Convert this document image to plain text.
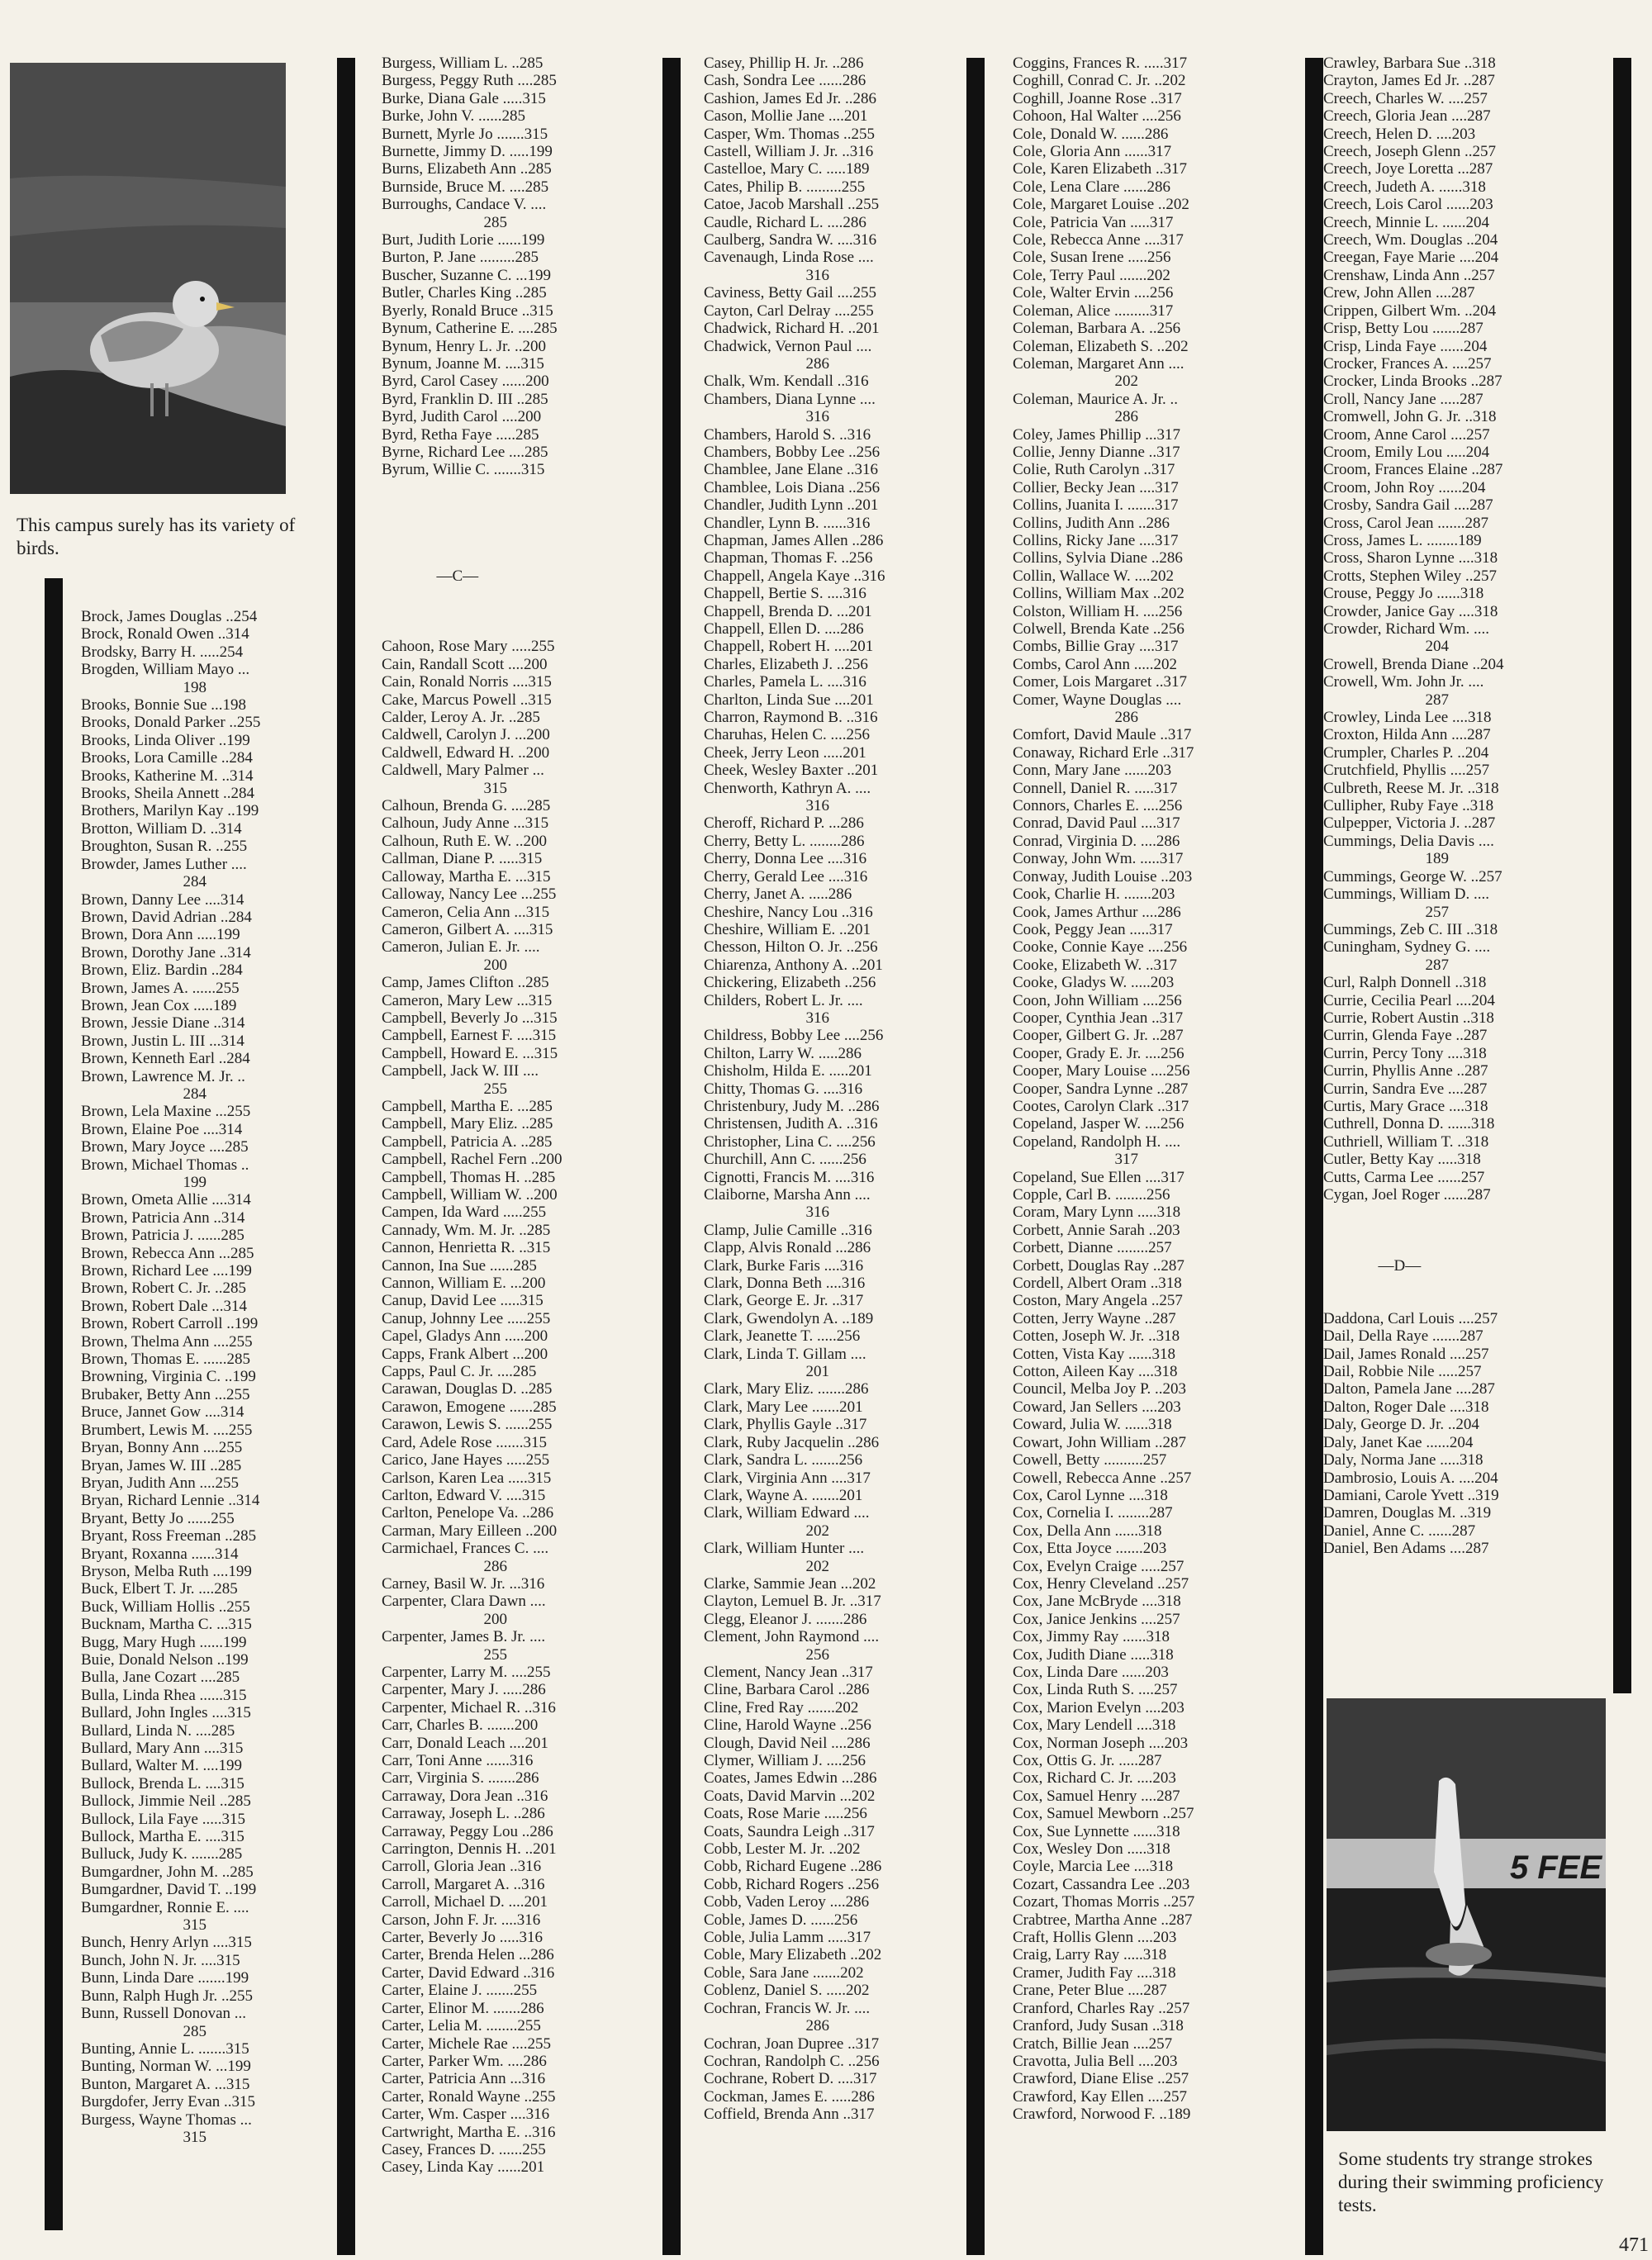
This campus surely has its variety of birds.
Brock, James Douglas ..254
Brock, Ronald Owen ..314
Brodsky, Barry H. .....254
Brogden, William Mayo ...
198
Brooks, Bonnie Sue ...198
Brooks, Donald Parker ..255
Brooks, Linda Oliver ..199
Brooks, Lora Camille ..284
Brooks, Katherine M. ..314
Brooks, Sheila Annett ..284
Brothers, Marilyn Kay ..199
Brotton, William D. ..314
Broughton, Susan R. ..255
Browder, James Luther ....
284
Brown, Danny Lee ....314
Brown, David Adrian ..284
Brown, Dora Ann .....199
Brown, Dorothy Jane ..314
Brown, Eliz. Bardin ..284
Brown, James A. ......255
Brown, Jean Cox .....189
Brown, Jessie Diane ..314
Brown, Justin L. III ...314
Brown, Kenneth Earl ..284
Brown, Lawrence M. Jr. ..
284
Brown, Lela Maxine ...255
Brown, Elaine Poe ....314
Brown, Mary Joyce ....285
Brown, Michael Thomas ..
199
Brown, Ometa Allie ....314
Brown, Patricia Ann ..314
Brown, Patricia J. ......285
Brown, Rebecca Ann ...285
Brown, Richard Lee ....199
Brown, Robert C. Jr. ..285
Brown, Robert Dale ...314
Brown, Robert Carroll ..199
Brown, Thelma Ann ....255
Brown, Thomas E. ......285
Browning, Virginia C. ..199
Brubaker, Betty Ann ...255
Bruce, Jannet Gow ....314
Brumbert, Lewis M. ....255
Bryan, Bonny Ann ....255
Bryan, James W. III ..285
Bryan, Judith Ann ....255
Bryan, Richard Lennie ..314
Bryant, Betty Jo ......255
Bryant, Ross Freeman ..285
Bryant, Roxanna ......314
Bryson, Melba Ruth ....199
Buck, Elbert T. Jr. ....285
Buck, William Hollis ..255
Bucknam, Martha C. ...315
Bugg, Mary Hugh ......199
Buie, Donald Nelson ..199
Bulla, Jane Cozart ....285
Bulla, Linda Rhea ......315
Bullard, John Ingles ....315
Bullard, Linda N. ....285
Bullard, Mary Ann ....315
Bullard, Walter M. ....199
Bullock, Brenda L. ....315
Bullock, Jimmie Neil ..285
Bullock, Lila Faye .....315
Bullock, Martha E. ....315
Bulluck, Judy K. .......285
Bumgardner, John M. ..285
Bumgardner, David T. ..199
Bumgardner, Ronnie E. ....
315
Bunch, Henry Arlyn ....315
Bunch, John N. Jr. ....315
Bunn, Linda Dare .......199
Bunn, Ralph Hugh Jr. ..255
Bunn, Russell Donovan ...
285
Bunting, Annie L. .......315
Bunting, Norman W. ...199
Bunton, Margaret A. ...315
Burgdofer, Jerry Evan ..315
Burgess, Wayne Thomas ...
315
Burgess, William L. ..285
Burgess, Peggy Ruth ....285
Burke, Diana Gale .....315
Burke, John V. ......285
Burnett, Myrle Jo .......315
Burnette, Jimmy D. .....199
Burns, Elizabeth Ann ..285
Burnside, Bruce M. ....285
Burroughs, Candace V. ....
285
Burt, Judith Lorie ......199
Burton, P. Jane .........285
Buscher, Suzanne C. ...199
Butler, Charles King ..285
Byerly, Ronald Bruce ..315
Bynum, Catherine E. ....285
Bynum, Henry L. Jr. ..200
Bynum, Joanne M. ....315
Byrd, Carol Casey ......200
Byrd, Franklin D. III ..285
Byrd, Judith Carol ....200
Byrd, Retha Faye .....285
Byrne, Richard Lee ....285
Byrum, Willie C. .......315

—C—

Cahoon, Rose Mary .....255
Cain, Randall Scott ....200
Cain, Ronald Norris ....315
Cake, Marcus Powell ..315
Calder, Leroy A. Jr. ..285
Caldwell, Carolyn J. ...200
Caldwell, Edward H. ..200
Caldwell, Mary Palmer ...
315
Calhoun, Brenda G. ....285
Calhoun, Judy Anne ...315
Calhoun, Ruth E. W. ..200
Callman, Diane P. .....315
Calloway, Martha E. ...315
Calloway, Nancy Lee ...255
Cameron, Celia Ann ...315
Cameron, Gilbert A. ....315
Cameron, Julian E. Jr. ....
200
Camp, James Clifton ..285
Cameron, Mary Lew ...315
Campbell, Beverly Jo ...315
Campbell, Earnest F. ....315
Campbell, Howard E. ...315
Campbell, Jack W. III ....
255
Campbell, Martha E. ...285
Campbell, Mary Eliz. ..285
Campbell, Patricia A. ..285
Campbell, Rachel Fern ..200
Campbell, Thomas H. ..285
Campbell, William W. ..200
Campen, Ida Ward .....255
Cannady, Wm. M. Jr. ..285
Cannon, Henrietta R. ..315
Cannon, Ina Sue ......285
Cannon, William E. ...200
Canup, David Lee .....315
Canup, Johnny Lee .....255
Capel, Gladys Ann .....200
Capps, Frank Albert ...200
Capps, Paul C. Jr. ....285
Carawan, Douglas D. ..285
Carawon, Emogene ......285
Carawon, Lewis S. ......255
Card, Adele Rose .......315
Carico, Jane Hayes .....255
Carlson, Karen Lea .....315
Carlton, Edward V. ....315
Carlton, Penelope Va. ..286
Carman, Mary Eilleen ..200
Carmichael, Frances C. ....
286
Carney, Basil W. Jr. ...316
Carpenter, Clara Dawn ....
200
Carpenter, James B. Jr. ....
255
Carpenter, Larry M. ....255
Carpenter, Mary J. .....286
Carpenter, Michael R. ..316
Carr, Charles B. .......200
Carr, Donald Leach ....201
Carr, Toni Anne ......316
Carr, Virginia S. .......286
Carraway, Dora Jean ..316
Carraway, Joseph L. ..286
Carraway, Peggy Lou ..286
Carrington, Dennis H. ..201
Carroll, Gloria Jean ..316
Carroll, Margaret A. ..316
Carroll, Michael D. ....201
Carson, John F. Jr. ....316
Carter, Beverly Jo .....316
Carter, Brenda Helen ...286
Carter, David Edward ..316
Carter, Elaine J. .......255
Carter, Elinor M. .......286
Carter, Lelia M. ........255
Carter, Michele Rae ....255
Carter, Parker Wm. ....286
Carter, Patricia Ann ...316
Carter, Ronald Wayne ..255
Carter, Wm. Casper ....316
Cartwright, Martha E. ..316
Casey, Frances D. ......255
Casey, Linda Kay ......201
Casey, Phillip H. Jr. ..286
Cash, Sondra Lee ......286
Cashion, James Ed Jr. ..286
Cason, Mollie Jane ....201
Casper, Wm. Thomas ..255
Castell, William J. Jr. ..316
Castelloe, Mary C. .....189
Cates, Philip B. .........255
Catoe, Jacob Marshall ..255
Caudle, Richard L. ....286
Caulberg, Sandra W. ....316
Cavenaugh, Linda Rose ....
316
Caviness, Betty Gail ....255
Cayton, Carl Delray ....255
Chadwick, Richard H. ..201
Chadwick, Vernon Paul ....
286
Chalk, Wm. Kendall ..316
Chambers, Diana Lynne ....
316
Chambers, Harold S. ..316
Chambers, Bobby Lee ..256
Chamblee, Jane Elane ..316
Chamblee, Lois Diana ..256
Chandler, Judith Lynn ..201
Chandler, Lynn B. ......316
Chapman, James Allen ..286
Chapman, Thomas F. ..256
Chappell, Angela Kaye ..316
Chappell, Bertie S. ....316
Chappell, Brenda D. ...201
Chappell, Ellen D. ....286
Chappell, Robert H. ....201
Charles, Elizabeth J. ..256
Charles, Pamela L. ....316
Charlton, Linda Sue ....201
Charron, Raymond B. ..316
Charuhas, Helen C. ....256
Cheek, Jerry Leon .....201
Cheek, Wesley Baxter ..201
Chenworth, Kathryn A. ....
316
Cheroff, Richard P. ...286
Cherry, Betty L. ........286
Cherry, Donna Lee ....316
Cherry, Gerald Lee ....316
Cherry, Janet A. .....286
Cheshire, Nancy Lou ..316
Cheshire, William E. ..201
Chesson, Hilton O. Jr. ..256
Chiarenza, Anthony A. ..201
Chickering, Elizabeth ..256
Childers, Robert L. Jr. ....
316
Childress, Bobby Lee ....256
Chilton, Larry W. .....286
Chisholm, Hilda E. .....201
Chitty, Thomas G. ....316
Christenbury, Judy M. ..286
Christensen, Judith A. ..316
Christopher, Lina C. ....256
Churchill, Ann C. ......256
Cignotti, Francis M. ....316
Claiborne, Marsha Ann ....
316
Clamp, Julie Camille ..316
Clapp, Alvis Ronald ...286
Clark, Burke Faris ....316
Clark, Donna Beth ....316
Clark, George E. Jr. ..317
Clark, Gwendolyn A. ..189
Clark, Jeanette T. .....256
Clark, Linda T. Gillam ....
201
Clark, Mary Eliz. .......286
Clark, Mary Lee .......201
Clark, Phyllis Gayle ..317
Clark, Ruby Jacquelin ..286
Clark, Sandra L. .......256
Clark, Virginia Ann ....317
Clark, Wayne A. .......201
Clark, William Edward ....
202
Clark, William Hunter ....
202
Clarke, Sammie Jean ...202
Clayton, Lemuel B. Jr. ..317
Clegg, Eleanor J. .......286
Clement, John Raymond ....
256
Clement, Nancy Jean ..317
Cline, Barbara Carol ..286
Cline, Fred Ray .......202
Cline, Harold Wayne ..256
Clough, David Neil ....286
Clymer, William J. ....256
Coates, James Edwin ...286
Coats, David Marvin ...202
Coats, Rose Marie .....256
Coats, Saundra Leigh ..317
Cobb, Lester M. Jr. ..202
Cobb, Richard Eugene ..286
Cobb, Richard Rogers ..256
Cobb, Vaden Leroy ....286
Coble, James D. ......256
Coble, Julia Lamm .....317
Coble, Mary Elizabeth ..202
Coble, Sara Jane .......202
Coblenz, Daniel S. .....202
Cochran, Francis W. Jr. ....
286
Cochran, Joan Dupree ..317
Cochran, Randolph C. ..256
Cochrane, Robert D. ....317
Cockman, James E. .....286
Coffield, Brenda Ann ..317
Coggins, Frances R. .....317
Coghill, Conrad C. Jr. ..202
Coghill, Joanne Rose ..317
Cohoon, Hal Walter ....256
Cole, Donald W. ......286
Cole, Gloria Ann ......317
Cole, Karen Elizabeth ..317
Cole, Lena Clare ......286
Cole, Margaret Louise ..202
Cole, Patricia Van .....317
Cole, Rebecca Anne ....317
Cole, Susan Irene .....256
Cole, Terry Paul .......202
Cole, Walter Ervin ....256
Coleman, Alice .........317
Coleman, Barbara A. ..256
Coleman, Elizabeth S. ..202
Coleman, Margaret Ann ....
202
Coleman, Maurice A. Jr. ..
286
Coley, James Phillip ...317
Collie, Jenny Dianne ..317
Colie, Ruth Carolyn ..317
Collier, Becky Jean ....317
Collins, Juanita I. .......317
Collins, Judith Ann ..286
Collins, Ricky Jane ....317
Collins, Sylvia Diane ..286
Collin, Wallace W. ....202
Collins, William Max ..202
Colston, William H. ....256
Colwell, Brenda Kate ..256
Combs, Billie Gray ....317
Combs, Carol Ann .....202
Comer, Lois Margaret ..317
Comer, Wayne Douglas ....
286
Comfort, David Maule ..317
Conaway, Richard Erle ..317
Conn, Mary Jane ......203
Connell, Daniel R. .....317
Connors, Charles E. ....256
Conrad, David Paul ....317
Conrad, Virginia D. ....286
Conway, John Wm. .....317
Conway, Judith Louise ..203
Cook, Charlie H. .......203
Cook, James Arthur ....286
Cook, Peggy Jean .....317
Cooke, Connie Kaye ....256
Cooke, Elizabeth W. ..317
Cooke, Gladys W. .....203
Coon, John William ....256
Cooper, Cynthia Jean ..317
Cooper, Gilbert G. Jr. ..287
Cooper, Grady E. Jr. ....256
Cooper, Mary Louise ....256
Cooper, Sandra Lynne ..287
Cootes, Carolyn Clark ..317
Copeland, Jasper W. ....256
Copeland, Randolph H. ....
317
Copeland, Sue Ellen ....317
Copple, Carl B. ........256
Coram, Mary Lynn .....318
Corbett, Annie Sarah ..203
Corbett, Dianne ........257
Corbett, Douglas Ray ..287
Cordell, Albert Oram ..318
Coston, Mary Angela ..257
Cotten, Jerry Wayne ..287
Cotten, Joseph W. Jr. ..318
Cotten, Vista Kay ......318
Cotton, Aileen Kay ....318
Council, Melba Joy P. ..203
Coward, Jan Sellers ....203
Coward, Julia W. ......318
Cowart, John William ..287
Cowell, Betty ..........257
Cowell, Rebecca Anne ..257
Cox, Carol Lynne ....318
Cox, Cornelia I. ........287
Cox, Della Ann ......318
Cox, Etta Joyce .......203
Cox, Evelyn Craige .....257
Cox, Henry Cleveland ..257
Cox, Jane McBryde ....318
Cox, Janice Jenkins ....257
Cox, Jimmy Ray ......318
Cox, Judith Diane .....318
Cox, Linda Dare ......203
Cox, Linda Ruth S. ....257
Cox, Marion Evelyn ....203
Cox, Mary Lendell ....318
Cox, Norman Joseph ....203
Cox, Ottis G. Jr. .....287
Cox, Richard C. Jr. ....203
Cox, Samuel Henry ....287
Cox, Samuel Mewborn ..257
Cox, Sue Lynnette ......318
Cox, Wesley Don .....318
Coyle, Marcia Lee ....318
Cozart, Cassandra Lee ..203
Cozart, Thomas Morris ..257
Crabtree, Martha Anne ..287
Craft, Hollis Glenn ....203
Craig, Larry Ray .....318
Cramer, Judith Fay ....318
Crane, Peter Blue ....287
Cranford, Charles Ray ..257
Cranford, Judy Susan ..318
Cratch, Billie Jean ....257
Cravotta, Julia Bell ....203
Crawford, Diane Elise ..257
Crawford, Kay Ellen ....257
Crawford, Norwood F. ..189
Crawley, Barbara Sue ..318
Crayton, James Ed Jr. ..287
Creech, Charles W. ....257
Creech, Gloria Jean ....287
Creech, Helen D. ....203
Creech, Joseph Glenn ..257
Creech, Joye Loretta ...287
Creech, Judeth A. ......318
Creech, Lois Carol ......203
Creech, Minnie L. ......204
Creech, Wm. Douglas ..204
Creegan, Faye Marie ....204
Crenshaw, Linda Ann ..257
Crew, John Allen ....287
Crippen, Gilbert Wm. ..204
Crisp, Betty Lou .......287
Crisp, Linda Faye ......204
Crocker, Frances A. ....257
Crocker, Linda Brooks ..287
Croll, Nancy Jane .....287
Cromwell, John G. Jr. ..318
Croom, Anne Carol ....257
Croom, Emily Lou .....204
Croom, Frances Elaine ..287
Croom, John Roy ......204
Crosby, Sandra Gail ....287
Cross, Carol Jean .......287
Cross, James L. ........189
Cross, Sharon Lynne ....318
Crotts, Stephen Wiley ..257
Crouse, Peggy Jo ......318
Crowder, Janice Gay ....318
Crowder, Richard Wm. ....
204
Crowell, Brenda Diane ..204
Crowell, Wm. John Jr. ....
287
Crowley, Linda Lee ....318
Croxton, Hilda Ann ....287
Crumpler, Charles P. ..204
Crutchfield, Phyllis ....257
Culbreth, Reese M. Jr. ..318
Cullipher, Ruby Faye ..318
Culpepper, Victoria J. ..287
Cummings, Delia Davis ....
189
Cummings, George W. ..257
Cummings, William D. ....
257
Cummings, Zeb C. III ..318
Cuningham, Sydney G. ....
287
Curl, Ralph Donnell ..318
Currie, Cecilia Pearl ....204
Currie, Robert Austin ..318
Currin, Glenda Faye ..287
Currin, Percy Tony ....318
Currin, Phyllis Anne ..287
Currin, Sandra Eve ....287
Curtis, Mary Grace ....318
Cuthrell, Donna D. ......318
Cuthriell, William T. ..318
Cutler, Betty Kay .....318
Cutts, Carma Lee ......257
Cygan, Joel Roger ......287

—D—

Daddona, Carl Louis ....257
Dail, Della Raye .......287
Dail, James Ronald ....257
Dail, Robbie Nile .....257
Dalton, Pamela Jane ....287
Dalton, Roger Dale ....318
Daly, George D. Jr. ..204
Daly, Janet Kae ......204
Daly, Norma Jane .....318
Dambrosio, Louis A. ....204
Damiani, Carole Yvett ..319
Damren, Douglas M. ..319
Daniel, Anne C. ......287
Daniel, Ben Adams ....287
5 FEE
Some students try strange strokes during their swimming proficiency tests.
471
